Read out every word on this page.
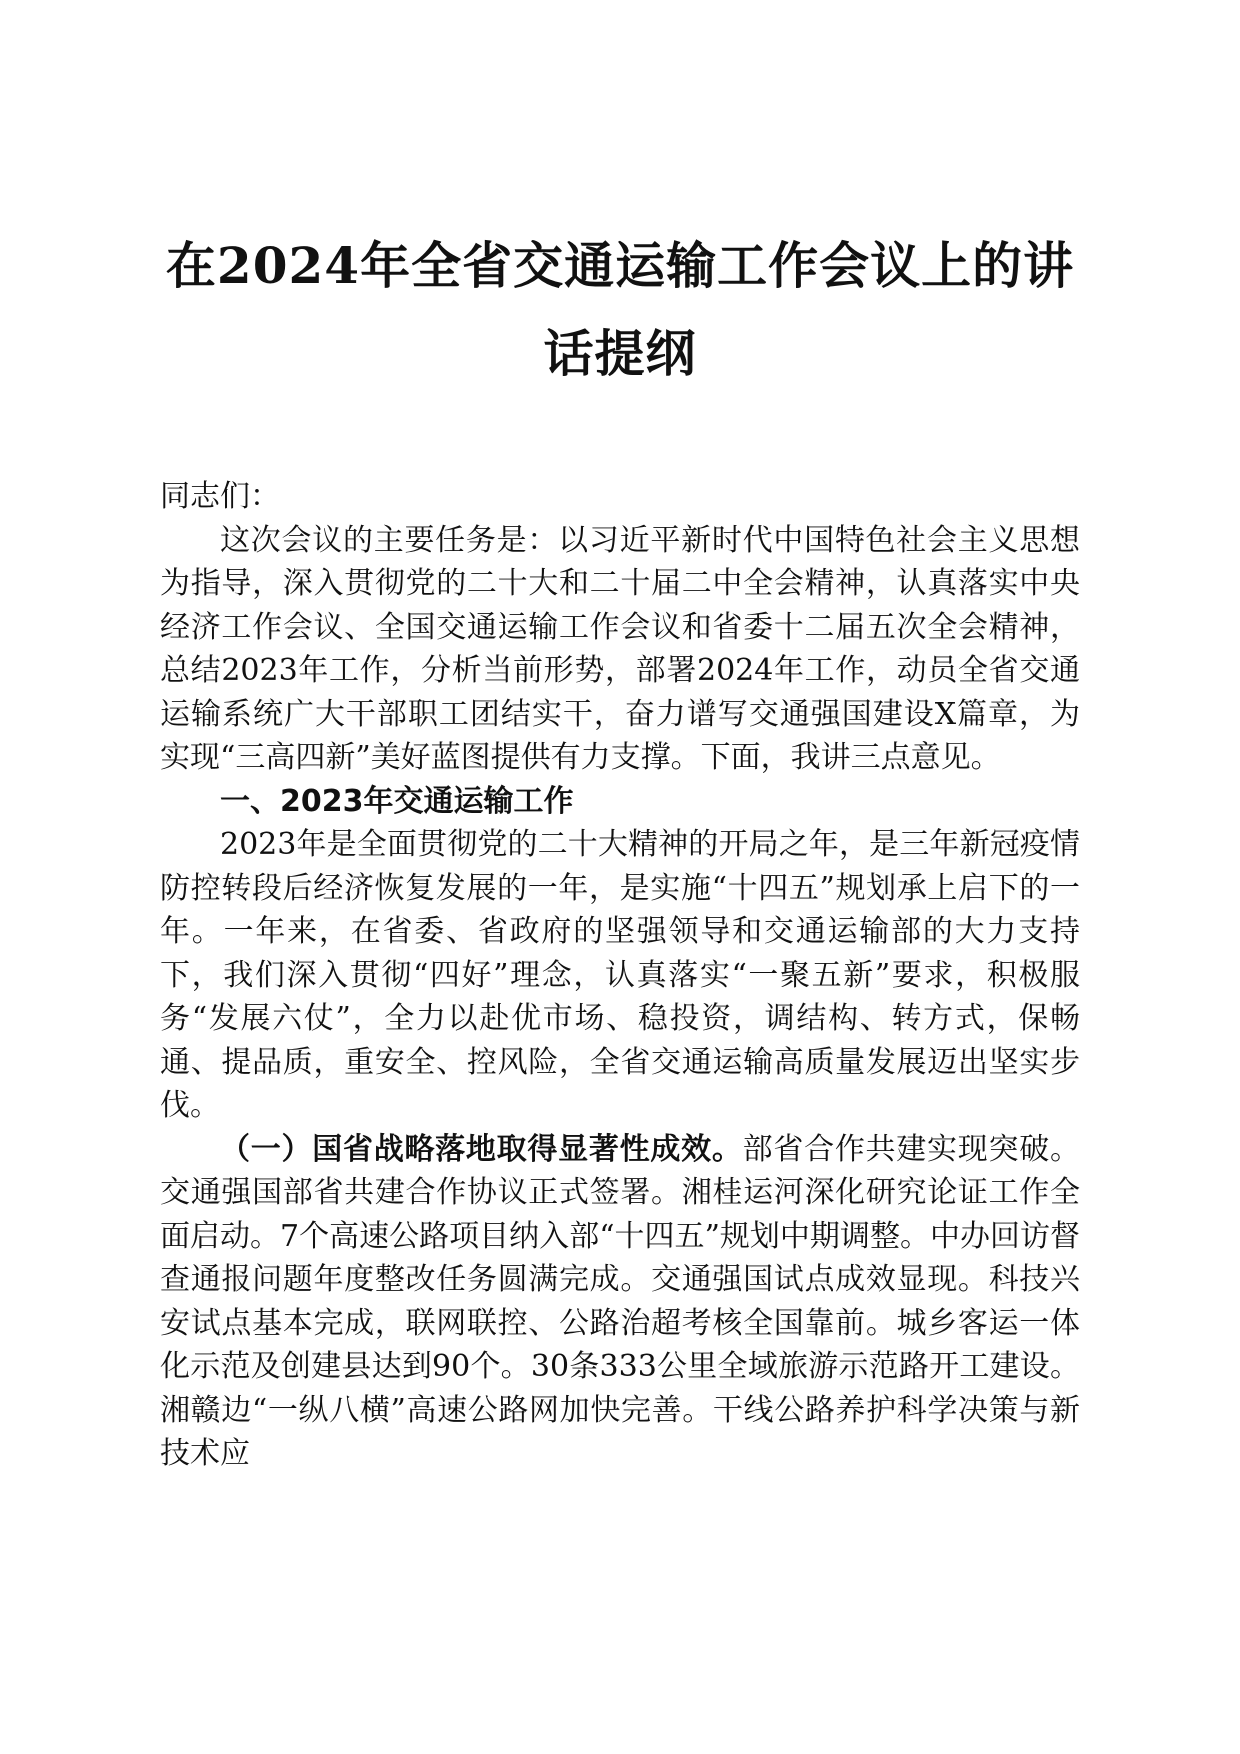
在2024年全省交通运输工作会议上的讲话提纲

同志们：

这次会议的主要任务是：以习近平新时代中国特色社会主义思想为指导，深入贯彻党的二十大和二十届二中全会精神，认真落实中央经济工作会议、全国交通运输工作会议和省委十二届五次全会精神，总结2023年工作，分析当前形势，部署2024年工作，动员全省交通运输系统广大干部职工团结实干，奋力谱写交通强国建设X篇章，为实现“三高四新”美好蓝图提供有力支撑。下面，我讲三点意见。

一、2023年交通运输工作

2023年是全面贯彻党的二十大精神的开局之年，是三年新冠疫情防控转段后经济恢复发展的一年，是实施“十四五”规划承上启下的一年。一年来，在省委、省政府的坚强领导和交通运输部的大力支持下，我们深入贯彻“四好”理念，认真落实“一聚五新”要求，积极服务“发展六仗”，全力以赴优市场、稳投资，调结构、转方式，保畅通、提品质，重安全、控风险，全省交通运输高质量发展迈出坚实步伐。

（一）国省战略落地取得显著性成效。部省合作共建实现突破。交通强国部省共建合作协议正式签署。湘桂运河深化研究论证工作全面启动。7个高速公路项目纳入部“十四五”规划中期调整。中办回访督查通报问题年度整改任务圆满完成。交通强国试点成效显现。科技兴安试点基本完成，联网联控、公路治超考核全国靠前。城乡客运一体化示范及创建县达到90个。30条333公里全域旅游示范路开工建设。湘赣边“一纵八横”高速公路网加快完善。干线公路养护科学决策与新技术应
